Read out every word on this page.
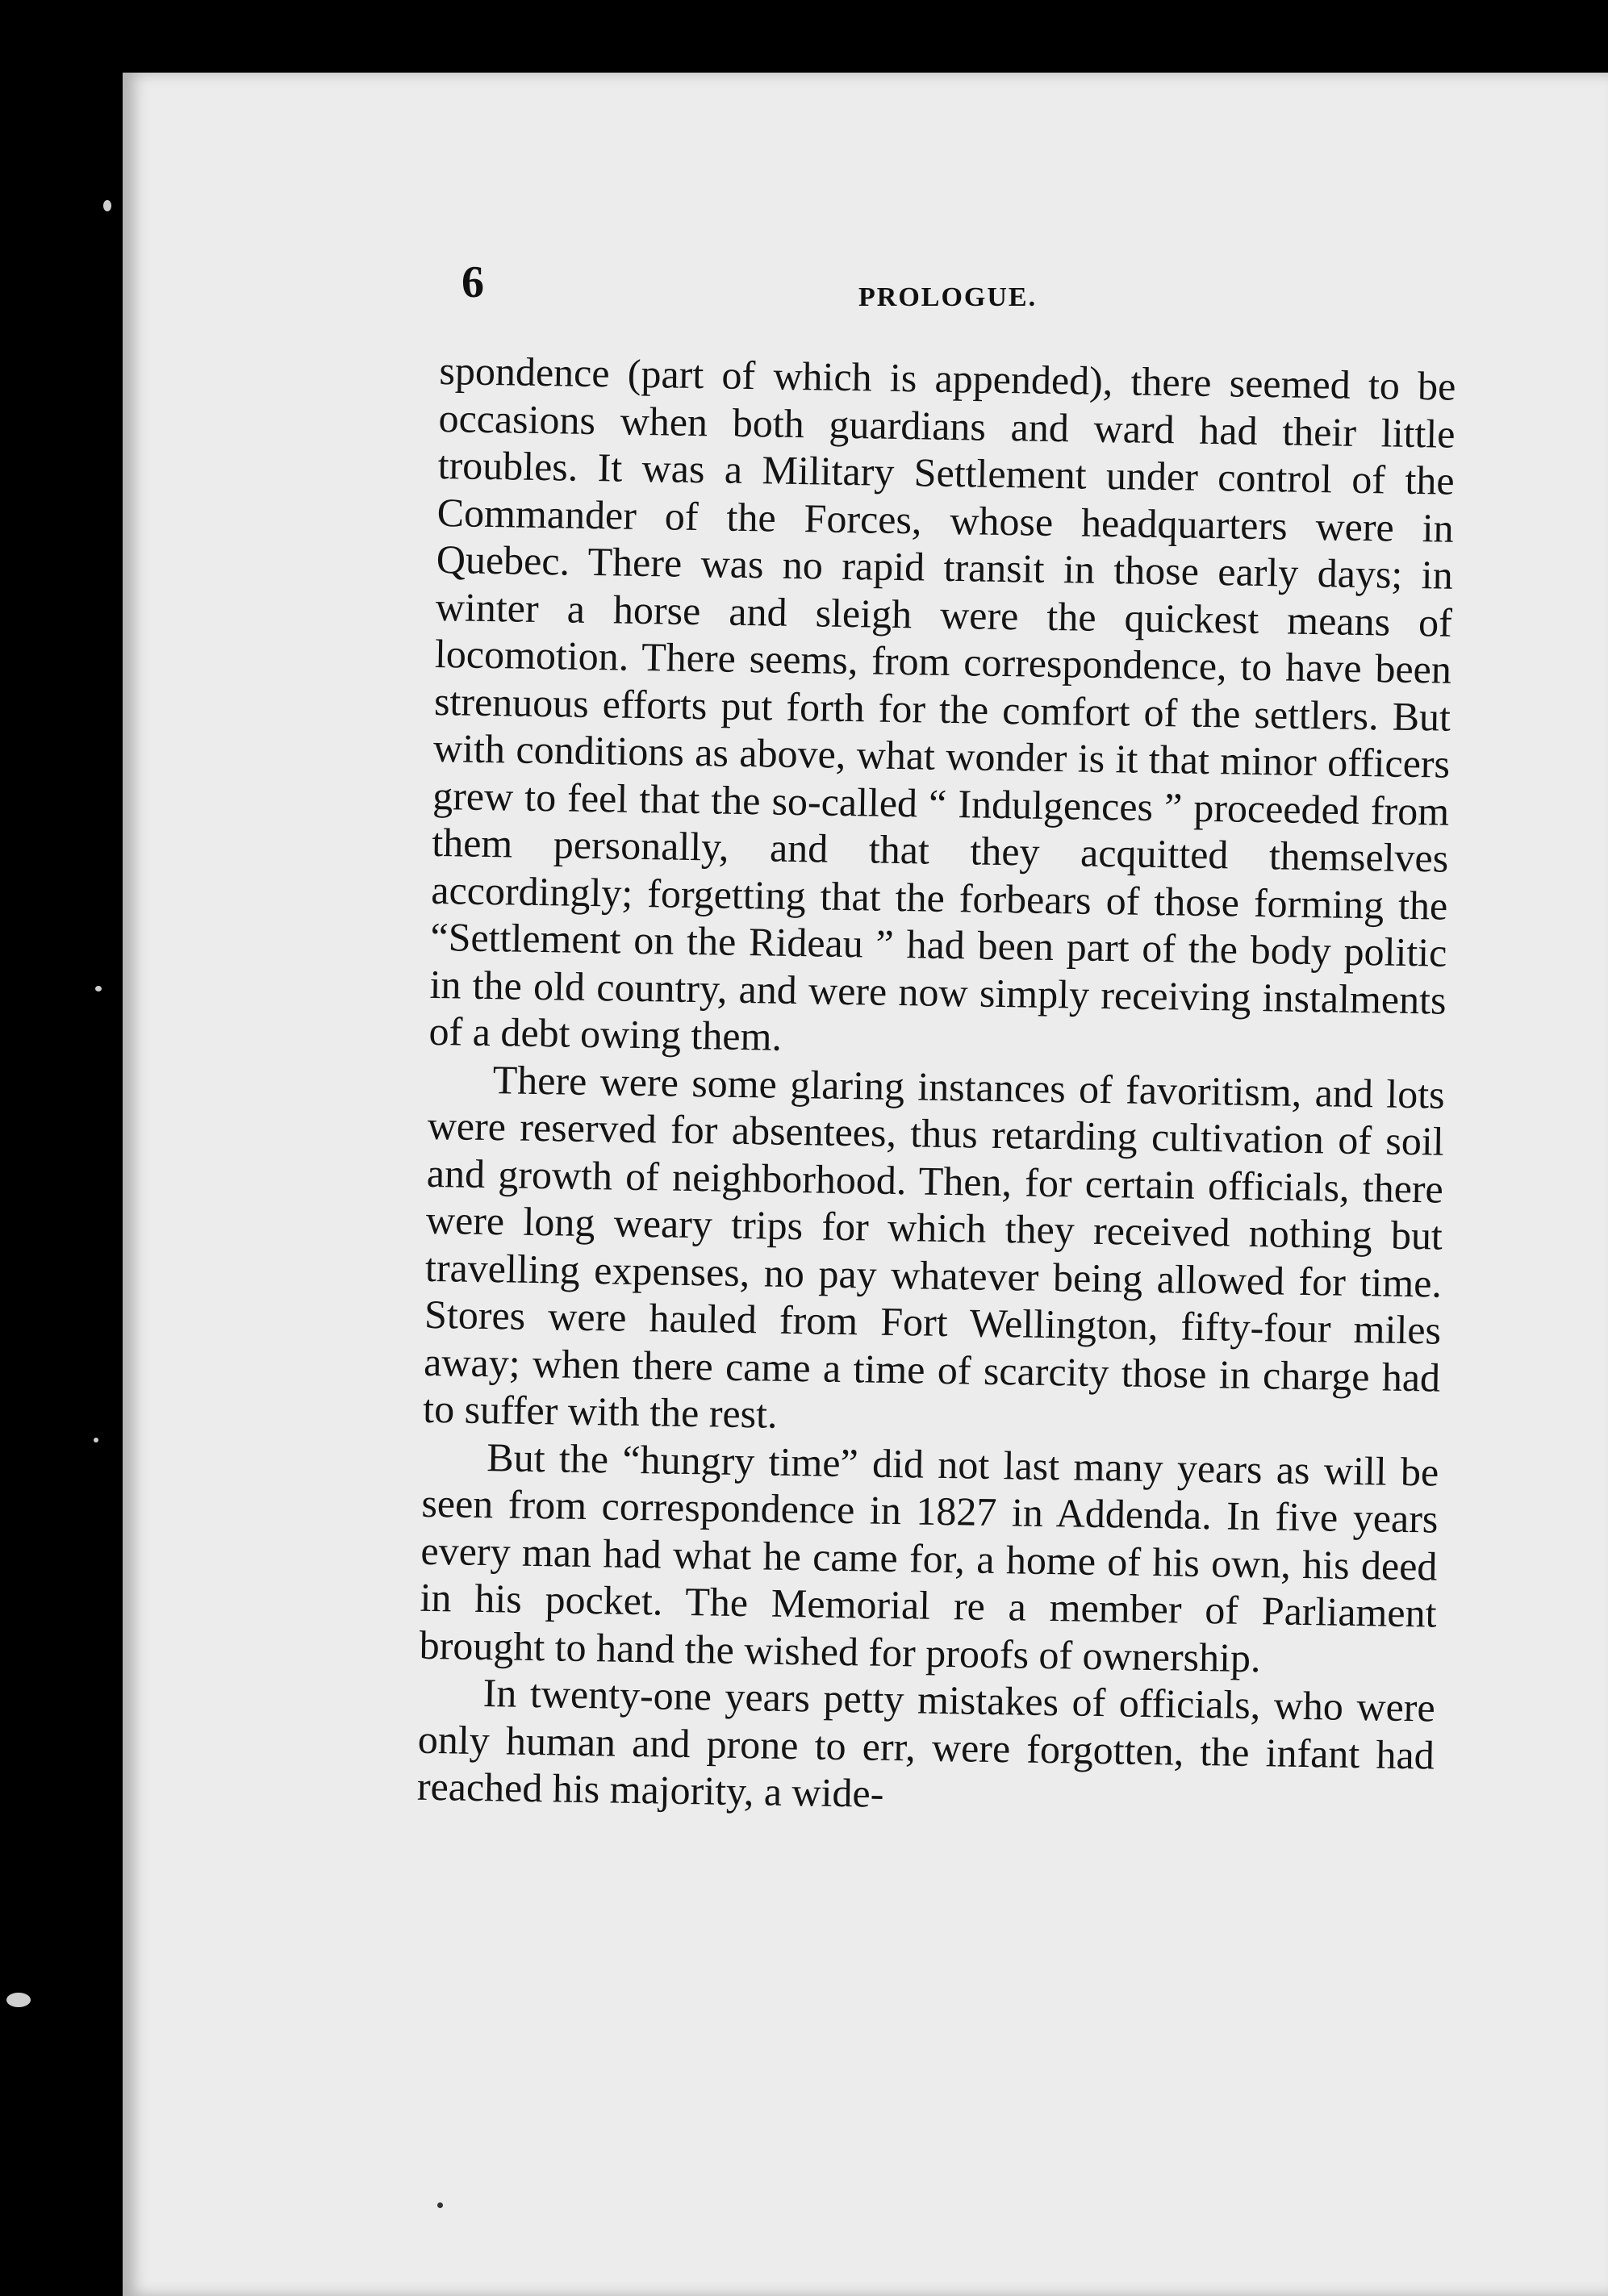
6	PROLOGUE.

spondence (part of which is appended), there seemed to be occasions when both guardians and ward had their little troubles. It was a Military Settlement under control of the Commander of the Forces, whose headquarters were in Quebec. There was no rapid transit in those early days; in winter a horse and sleigh were the quickest means of locomotion. There seems, from correspondence, to have been strenuous efforts put forth for the comfort of the settlers. But with conditions as above, what wonder is it that minor officers grew to feel that the so-called “ Indulgences ” proceeded from them personally, and that they acquitted themselves accordingly; forgetting that the forbears of those forming the “Settlement on the Rideau ” had been part of the body politic in the old country, and were now simply receiving instalments of a debt owing them.

There were some glaring instances of favoritism, and lots were reserved for absentees, thus retarding cultivation of soil and growth of neighborhood. Then, for certain officials, there were long weary trips for which they received nothing but travelling expenses, no pay whatever being allowed for time. Stores were hauled from Fort Wellington, fifty-four miles away; when there came a time of scarcity those in charge had to suffer with the rest.

But the “hungry time” did not last many years as will be seen from correspondence in 1827 in Addenda. In five years every man had what he came for, a home of his own, his deed in his pocket. The Memorial re a member of Parliament brought to hand the wished for proofs of ownership.

In twenty-one years petty mistakes of officials, who were only human and prone to err, were forgotten, the infant had reached his majority, a wide-
